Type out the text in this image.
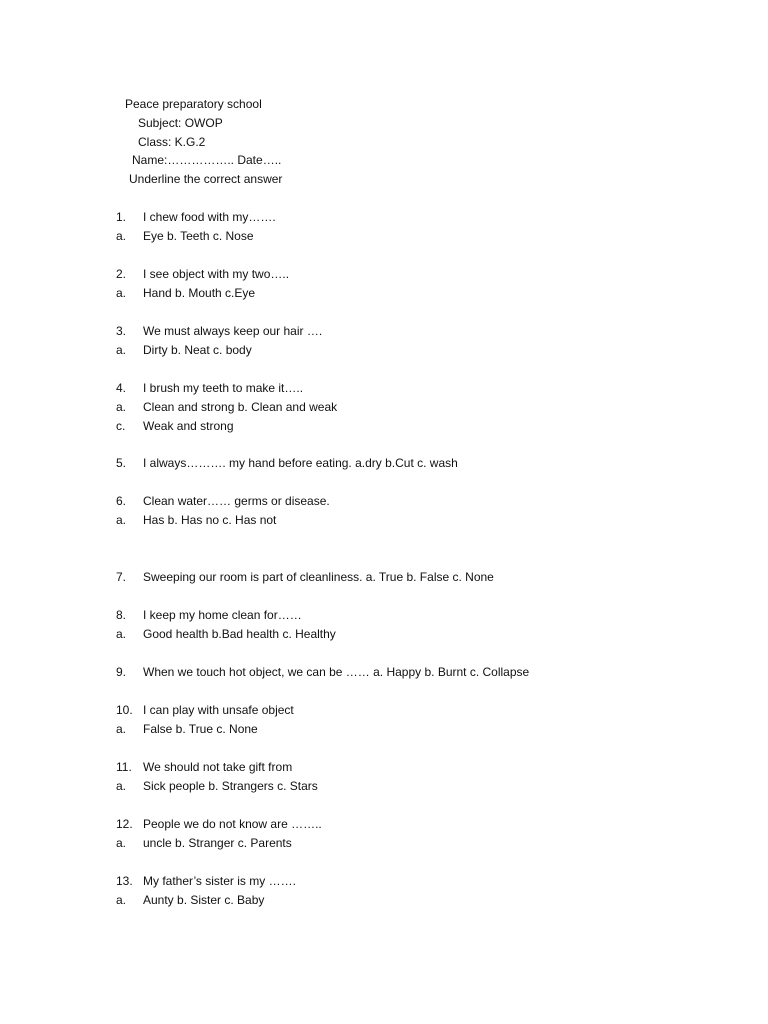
Peace preparatory school
Subject: OWOP
Class: K.G.2
Name:…………….. Date…..
Underline the correct answer
1. I chew food with my…….
a. Eye b. Teeth c. Nose
2. I see object with my two…..
a. Hand b. Mouth c.Eye
3. We must always keep our hair ….
a. Dirty b. Neat c. body
4. I brush my teeth to make it…..
a. Clean and strong b. Clean and weak
c. Weak and strong
5. I always………. my hand before eating. a.dry b.Cut c. wash
6. Clean water…… germs or disease.
a. Has b. Has no c. Has not
7. Sweeping our room is part of cleanliness. a. True b. False c. None
8. I keep my home clean for……
a. Good health b.Bad health c. Healthy
9. When we touch hot object, we can be …… a. Happy b. Burnt c. Collapse
10. I can play with unsafe object
a. False b. True c. None
11. We should not take gift from
a. Sick people b. Strangers c. Stars
12. People we do not know are ……..
a. uncle b. Stranger c. Parents
13. My father’s sister is my …….
a. Aunty b. Sister c. Baby
